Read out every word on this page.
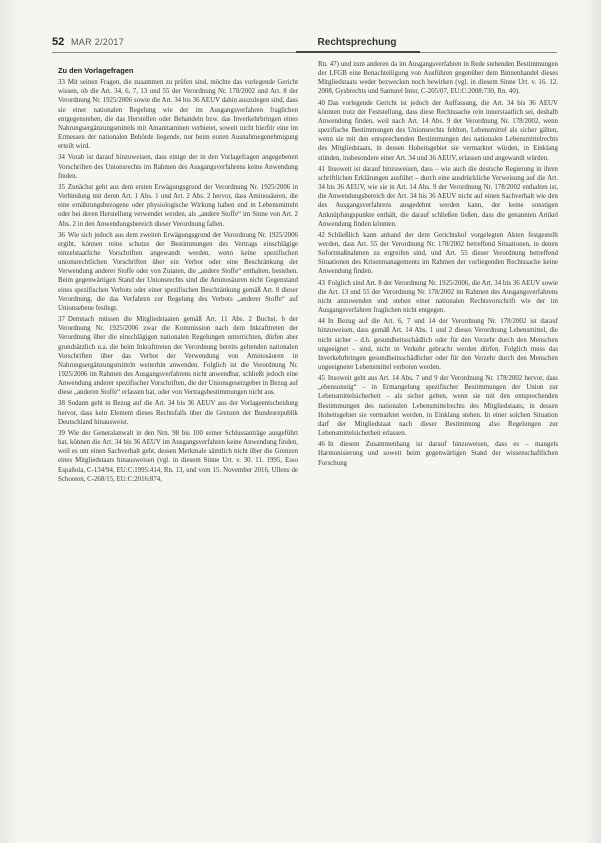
52 MAR 2/2017	Rechtsprechung
Zu den Vorlagefragen

33 Mit seinen Fragen, die zusammen zu prüfen sind, möchte das vorlegende Gericht wissen, ob die Art. 34, 6, 7, 13 und 55 der Verordnung Nr. 178/2002 und Art. 8 der Verordnung Nr. 1925/2006 sowie die Art. 34 bis 36 AEUV dahin auszulegen sind, dass sie einer nationalen Regelung wie der im Ausgangsverfahren fraglichen entgegenstehen, die das Herstellen oder Behandeln bzw. das Inverkehrbringen eines Nahrungsergänzungsmittels mit Amanitaminen verbietet, soweit nicht hierfür eine im Ermessen der nationalen Behörde liegende, nur beim ersten Ausnahmegenehmigung erteilt wird.

34 Vorab ist darauf hinzuweisen, dass einige der in den Vorlagefragen angegebenen Vorschriften des Unionsrechts im Rahmen des Ausgangsverfahrens keine Anwendung finden.

35 Zunächst geht aus dem ersten Erwägungsgrund der Verordnung Nr. 1925/2006 in Verbindung mit deren Art. 1 Abs. 1 und Art. 2 Abs. 2 hervor, dass Aminosäuren, die eine ernährungsbezogene oder physiologische Wirkung haben und in Lebensmitteln oder bei deren Herstellung verwendet werden, als „andere Stoffe“ im Sinne von Art. 2 Abs. 2 in den Anwendungsbereich dieser Verordnung fallen.

36 Wie sich jedoch aus dem zweiten Erwägungsgrund der Verordnung Nr. 1925/2006 ergibt, können reine schutze der Bestimmungen des Vertrags einschlägige einzelstaatliche Vorschriften angewandt werden, wenn keine spezifischen unionsrechtlichen Vorschriften über ein Verbot oder eine Beschränkung der Verwendung anderer Stoffe oder von Zutaten, die „andere Stoffe“ enthalten, bestehen. Beim gegenwärtigen Stand der Unionsrechts sind die Aminosäuren nicht Gegenstand eines spezifischen Verbots oder einer spezifischen Beschränkung gemäß Art. 8 dieser Verordnung, die das Verfahren zur Regelung des Verbots „anderer Stoffe“ auf Unionsebene festlegt.

37 Demnach müssen die Mitgliedstaaten gemäß Art. 11 Abs. 2 Buchst. b der Verordnung Nr. 1925/2006 zwar die Kommission nach dem Inkrafttreten der Verordnung über die einschlägigen nationalen Regelungen unterrichten, dürfen aber grundsätzlich u.a. die beim Inkrafttreten der Verordnung bereits geltenden nationalen Vorschriften über das Verbot der Verwendung von Aminosäuren in Nahrungsergänzungsmitteln weiterhin anwenden. Folglich ist die Verordnung Nr. 1925/2006 im Rahmen des Ausgangsverfahrens nicht anwendbar, schließt jedoch eine Anwendung anderer spezifischer Vorschriften, die der Unionsgesetzgeber in Bezug auf diese „anderen Stoffe“ erlassen hat, oder von Vertragsbestimmungen nicht aus.

38 Sodann geht in Bezug auf die Art. 34 bis 36 AEUV aus der Vorlageentscheidung hervor, dass kein Element dieses Rechtsfalls über die Grenzen der Bundesrepublik Deutschland hinausweist.

39 Wie der Generalanwalt in den Nrn. 98 bis 100 seiner Schlussanträge ausgeführt hat, können die Art. 34 bis 36 AEUV im Ausgangsverfahren keine Anwendung finden, weil es um einen Sachverhalt geht, dessen Merkmale sämtlich nicht über die Grenzen eines Mitgliedstaats hinausweisen (vgl. in diesem Sinne Urt. v. 30. 11. 1995, Esso Española, C-134/94, EU:C:1995:414, Rn. 13, und vom 15. November 2016, Ullens de Schooten, C-268/15, EU:C:2016:874,

Rn. 47) und zum anderen da im Ausgangsverfahren in Rede stehenden Bestimmungen der LFGB eine Benachteiligung von Ausführen gegenüber dem Binnenhandel dieses Mitgliedstaats weder bezwecken noch bewirken (vgl. in diesem Sinne Urt. v. 16. 12. 2008, Gysbrechts und Santurel Inter, C-205/07, EU:C:2008:730, Rn. 40).

40 Das vorlegende Gericht ist jedoch der Auffassung, die Art. 34 bis 36 AEUV könnten trotz der Feststellung, dass diese Rechtssache rein innerstaatlich sei, deshalb Anwendung finden, weil nach Art. 14 Abs. 9 der Verordnung Nr. 178/2002, wenn spezifische Bestimmungen des Unionsrechts fehlten, Lebensmittel als sicher gälten, wenn sie mit den entsprechenden Bestimmungen des nationalen Lebensmittelrechts des Mitgliedstaats, in dessen Hoheitsgebiet sie vermarktet würden, in Einklang stünden, insbesondere einer Art. 34 und 36 AEUV, erlassen und angewandt würden.

41 Insoweit ist darauf hinzuweisen, dass – wie auch die deutsche Regierung in ihren schriftlichen Erklärungen ausführt – durch eine ausdrückliche Verweisung auf die Art. 34 bis 36 AEUV, wie sie in Art. 14 Abs. 9 der Verordnung Nr. 178/2002 enthalten ist, die Anwendungsbereich der Art. 34 bis 36 AEUV nicht auf einen Sachverhalt wie den des Ausgangsverfahrens ausgedehnt werden kann, der keine sonstigen Anknüpfungspunkte enthält, die darauf schließen ließen, dass die genannten Artikel Anwendung finden könnten.

42 Schließlich kann anhand der dem Gerichtshof vorgelegten Akten festgestellt werden, dass Art. 55 der Verordnung Nr. 178/2002 betreffend Situationen, in denen Sofortmaßnahmen zu ergreifen sind, und Art. 55 dieser Verordnung betreffend Situationen des Krisenmanagements im Rahmen der vorliegenden Rechtssache keine Anwendung finden.

43 Folglich sind Art. 8 der Verordnung Nr. 1925/2006, die Art. 34 bis 36 AEUV sowie die Art. 13 und 55 der Verordnung Nr. 178/2002 im Rahmen des Ausgangsverfahrens nicht anzuwenden und stehen einer nationalen Rechtsvorschrift wie der im Ausgangsverfahren fraglichen nicht entgegen.

44 In Bezug auf die Art. 6, 7 und 14 der Verordnung Nr. 178/2002 ist darauf hinzuweisen, dass gemäß Art. 14 Abs. 1 und 2 dieses Verordnung Lebensmittel, die nicht sicher – d.h. gesundheitsschädlich oder für den Verzehr durch den Menschen ungeeignet – sind, nicht in Verkehr gebracht werden dürfen. Folglich muss das Inverkehrbringen gesundheitsschädlicher oder für den Verzehr durch den Menschen ungeeigneter Lebensmittel verboten werden.

45 Insoweit geht aus Art. 14 Abs. 7 und 9 der Verordnung Nr. 178/2002 hervor, dass „ebensonstig“ – in Ermangelung spezifischer Bestimmungen der Union zur Lebensmittelsicherheit – als sicher gelten, wenn sie mit den entsprechenden Bestimmungen des nationalen Lebensmittelrechts des Mitgliedstaats, in dessen Hoheitsgebiet sie vermarktet werden, in Einklang stehen. In einer solchen Situation darf der Mitgliedstaat nach dieser Bestimmung also Regelungen zur Lebensmittelsicherheit erlassen.

46 In diesem Zusammenhang ist darauf hinzuweisen, dass es – mangels Harmonisierung und soweit beim gegenwärtigen Stand der wissenschaftlichen Forschung
